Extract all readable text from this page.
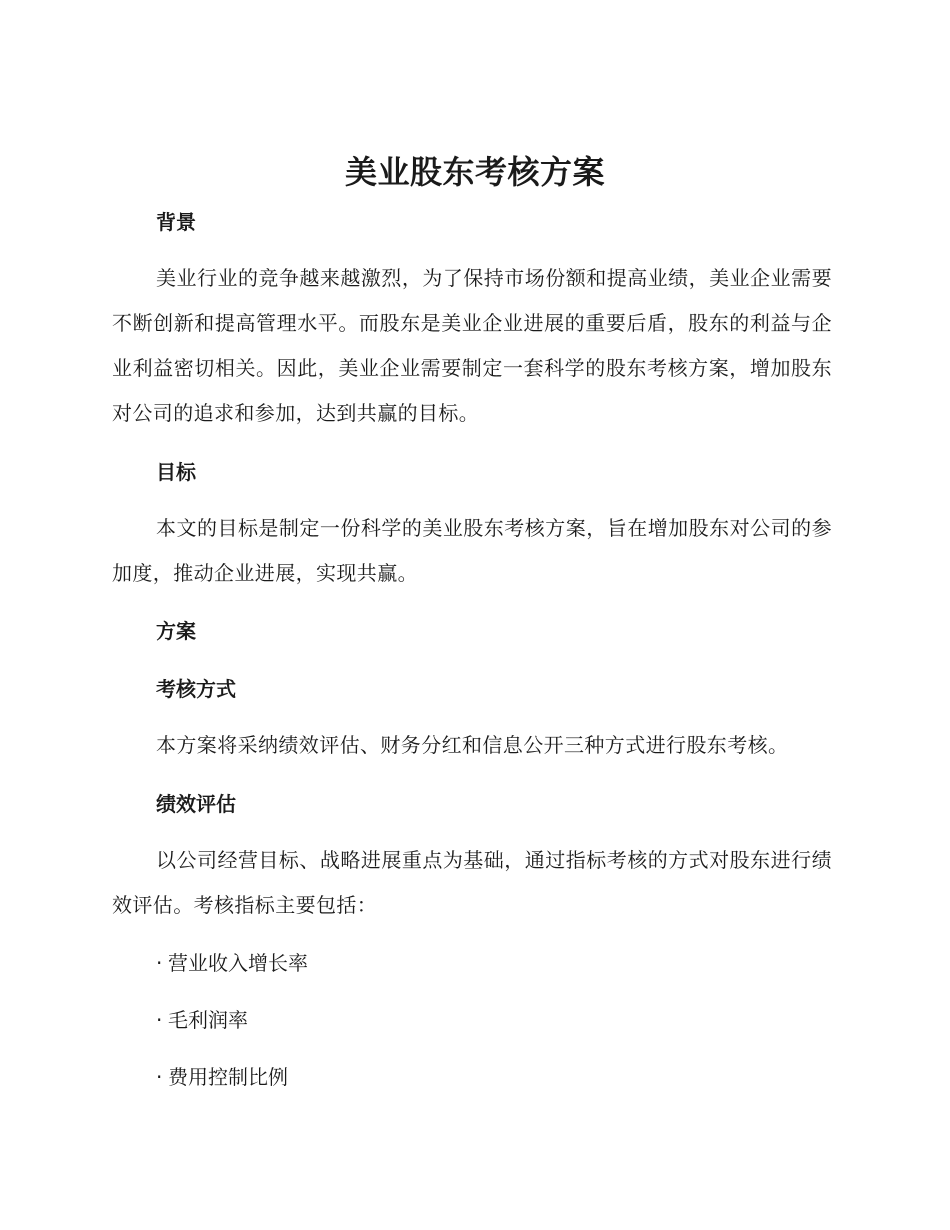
美业股东考核方案
背景

美业行业的竞争越来越激烈，为了保持市场份额和提高业绩，美业企业需要不断创新和提高管理水平。而股东是美业企业进展的重要后盾，股东的利益与企业利益密切相关。因此，美业企业需要制定一套科学的股东考核方案，增加股东对公司的追求和参加，达到共赢的目标。

目标

本文的目标是制定一份科学的美业股东考核方案，旨在增加股东对公司的参加度，推动企业进展，实现共赢。

方案
考核方式

本方案将采纳绩效评估、财务分红和信息公开三种方式进行股东考核。

绩效评估

以公司经营目标、战略进展重点为基础，通过指标考核的方式对股东进行绩效评估。考核指标主要包括：

· 营业收入增长率

· 毛利润率

· 费用控制比例
